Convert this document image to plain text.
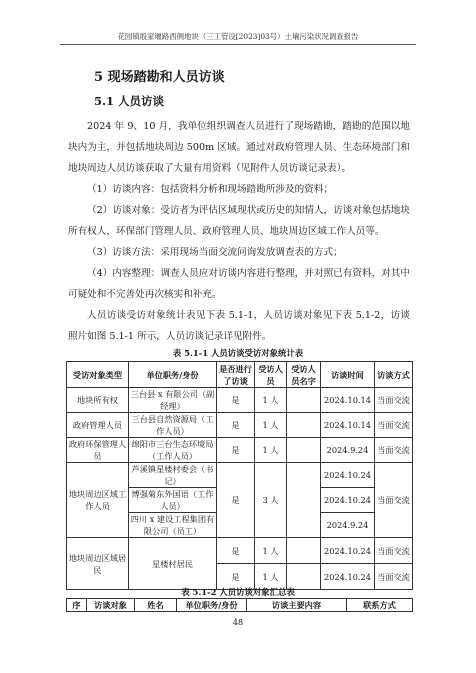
花园镇殷家堰路西侧地块（三工管设[2023]03号）土壤污染状况调查报告
5 现场踏勘和人员访谈
5.1 人员访谈

2024 年 9、10 月，我单位组织调查人员进行了现场踏勘，踏勘的范围以地块内为主，并包括地块周边 500m 区域。通过对政府管理人员、生态环境部门和地块周边人员访谈获取了大量有用资料（见附件人员访谈记录表）。

（1）访谈内容：包括资料分析和现场踏勘所涉及的资料；

（2）访谈对象：受访者为评估区域现状或历史的知情人，访谈对象包括地块所有权人，环保部门管理人员、政府管理人员、地块周边区域工作人员等。

（3）访谈方法：采用现场当面交流问询发放调查表的方式；

（4）内容整理：调查人员应对访谈内容进行整理，并对照已有资料，对其中可疑处和不完善处再次核实和补充。

人员访谈受访对象统计表见下表 5.1-1，人员访谈对象见下表 5.1-2，访谈照片如图 5.1-1 所示，人员访谈记录详见附件。

表 5.1-1 人员访谈受访对象统计表
受访对象类型	单位职务/身份	是否进行了访谈	受访人员	受访人员名字	访谈时间	访谈方式
地块所有权	三台县 x 有限公司（副经理）	是	1 人		2024.10.14	当面交流
政府管理人员	三台县自然资源局（工作人员）	是	1 人		2024.10.14	当面交流
政府环保管理人员	绵阳市三台生态环境局（工作人员）	是	1 人		2024.9.24	当面交流
地块周边区域工作人员	芦溪镇星楼村委会（书记）	是	3 人		2024.10.24	当面交流
	博强菊东外国语（工作人员）				2024.10.24	
	四川 x 建设工程集团有限公司（员工）				2024.9.24	
地块周边区域居民	星楼村居民	是	1 人		2024.10.24	当面交流
		是	1 人		2024.10.24	当面交流
表 5.1-2 人员访谈对象汇总表
序	访谈对象	姓名	单位职务/身份	访谈主要内容	联系方式
48
